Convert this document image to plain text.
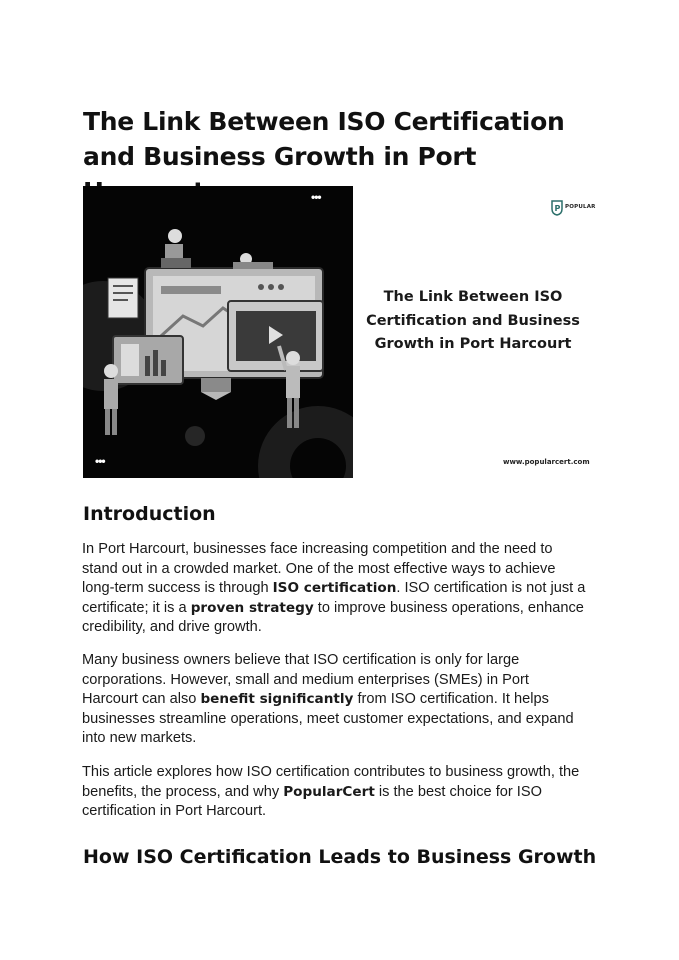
The Link Between ISO Certification and Business Growth in Port
•••
•••
P POPULAR
The Link Between ISO Certification and Business Growth in Port Harcourt
www.popularcert.com
Introduction

In Port Harcourt, businesses face increasing competition and the need to stand out in a crowded market. One of the most effective ways to achieve long-term success is through ISO certification. ISO certification is not just a certificate; it is a proven strategy to improve business operations, enhance credibility, and drive growth.

Many business owners believe that ISO certification is only for large corporations. However, small and medium enterprises (SMEs) in Port Harcourt can also benefit significantly from ISO certification. It helps businesses streamline operations, meet customer expectations, and expand into new markets.

This article explores how ISO certification contributes to business growth, the benefits, the process, and why PopularCert is the best choice for ISO certification in Port Harcourt.

How ISO Certification Leads to Business Growth
